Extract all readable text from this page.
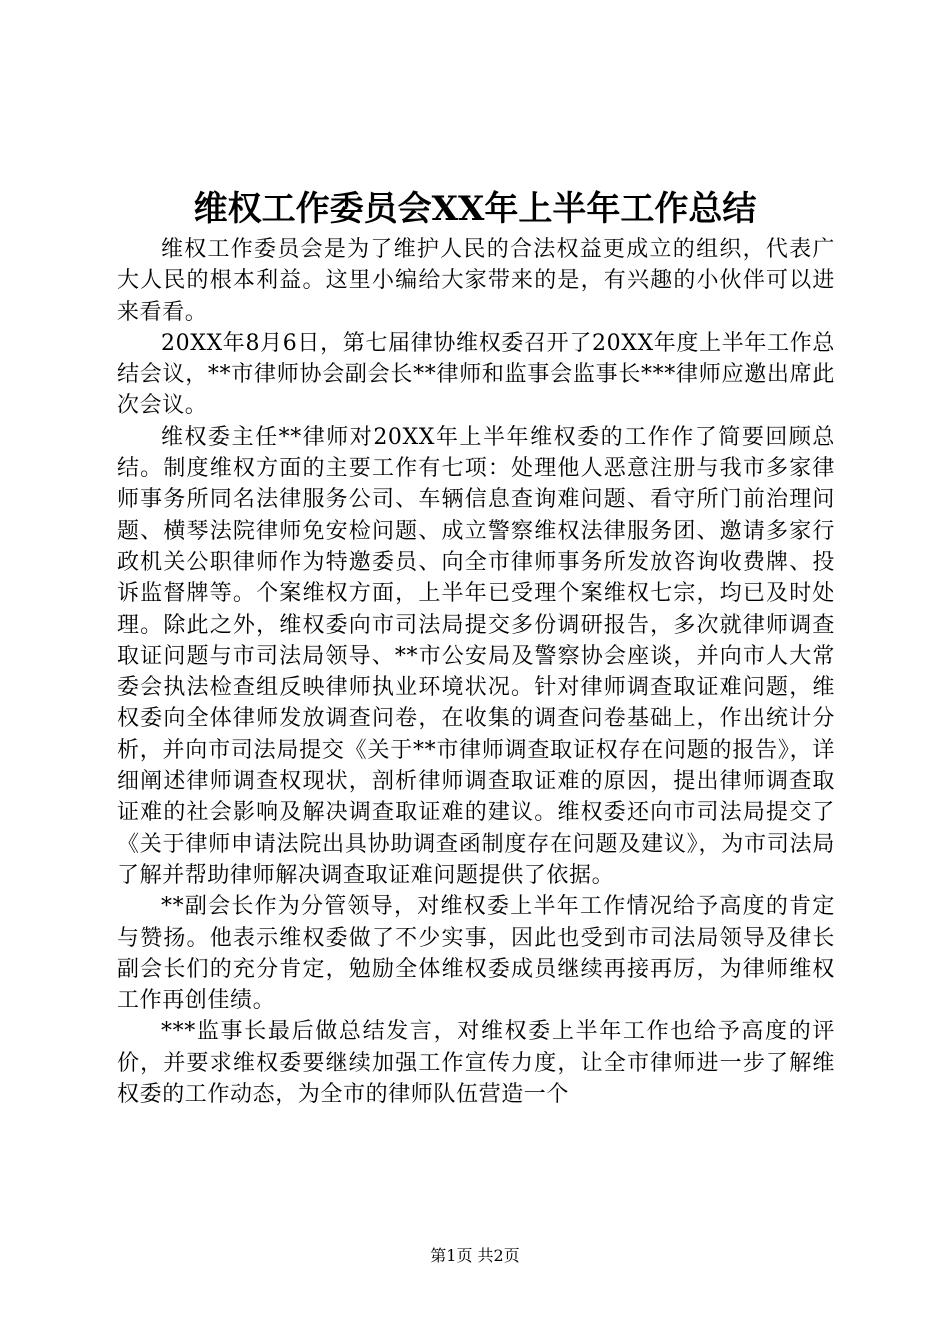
维权工作委员会XX年上半年工作总结

维权工作委员会是为了维护人民的合法权益更成立的组织，代表广大人民的根本利益。这里小编给大家带来的是，有兴趣的小伙伴可以进来看看。

20XX年8月6日，第七届律协维权委召开了20XX年度上半年工作总结会议，**市律师协会副会长**律师和监事会监事长***律师应邀出席此次会议。

维权委主任**律师对20XX年上半年维权委的工作作了简要回顾总结。制度维权方面的主要工作有七项：处理他人恶意注册与我市多家律师事务所同名法律服务公司、车辆信息查询难问题、看守所门前治理问题、横琴法院律师免安检问题、成立警察维权法律服务团、邀请多家行政机关公职律师作为特邀委员、向全市律师事务所发放咨询收费牌、投诉监督牌等。个案维权方面，上半年已受理个案维权七宗，均已及时处理。除此之外，维权委向市司法局提交多份调研报告，多次就律师调查取证问题与市司法局领导、**市公安局及警察协会座谈，并向市人大常委会执法检查组反映律师执业环境状况。针对律师调查取证难问题，维权委向全体律师发放调查问卷，在收集的调查问卷基础上，作出统计分析，并向市司法局提交《关于**市律师调查取证权存在问题的报告》，详细阐述律师调查权现状，剖析律师调查取证难的原因，提出律师调查取证难的社会影响及解决调查取证难的建议。维权委还向市司法局提交了《关于律师申请法院出具协助调查函制度存在问题及建议》，为市司法局了解并帮助律师解决调查取证难问题提供了依据。

**副会长作为分管领导，对维权委上半年工作情况给予高度的肯定与赞扬。他表示维权委做了不少实事，因此也受到市司法局领导及律长副会长们的充分肯定，勉励全体维权委成员继续再接再厉，为律师维权工作再创佳绩。

***监事长最后做总结发言，对维权委上半年工作也给予高度的评价，并要求维权委要继续加强工作宣传力度，让全市律师进一步了解维权委的工作动态，为全市的律师队伍营造一个

第1页 共2页
